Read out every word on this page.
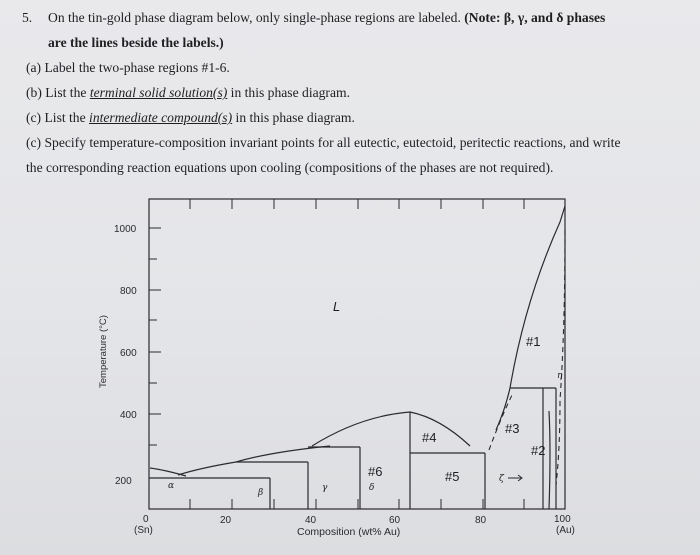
5. On the tin-gold phase diagram below, only single-phase regions are labeled. (Note: β, γ, and δ phases
are the lines beside the labels.)
(a) Label the two-phase regions #1-6.
(b) List the terminal solid solution(s) in this phase diagram.
(c) List the intermediate compound(s) in this phase diagram.
(c) Specify temperature-composition invariant points for all eutectic, eutectoid, peritectic reactions, and write
the corresponding reaction equations upon cooling (compositions of the phases are not required).
1000
800
600
400
200
Temperature (°C)
0
(Sn)
20	40	60	80	100
(Au)
Composition (wt% Au)
L
α
β	γ	δ
η
ζ
#1
#2
#3
#4
#5
#6
